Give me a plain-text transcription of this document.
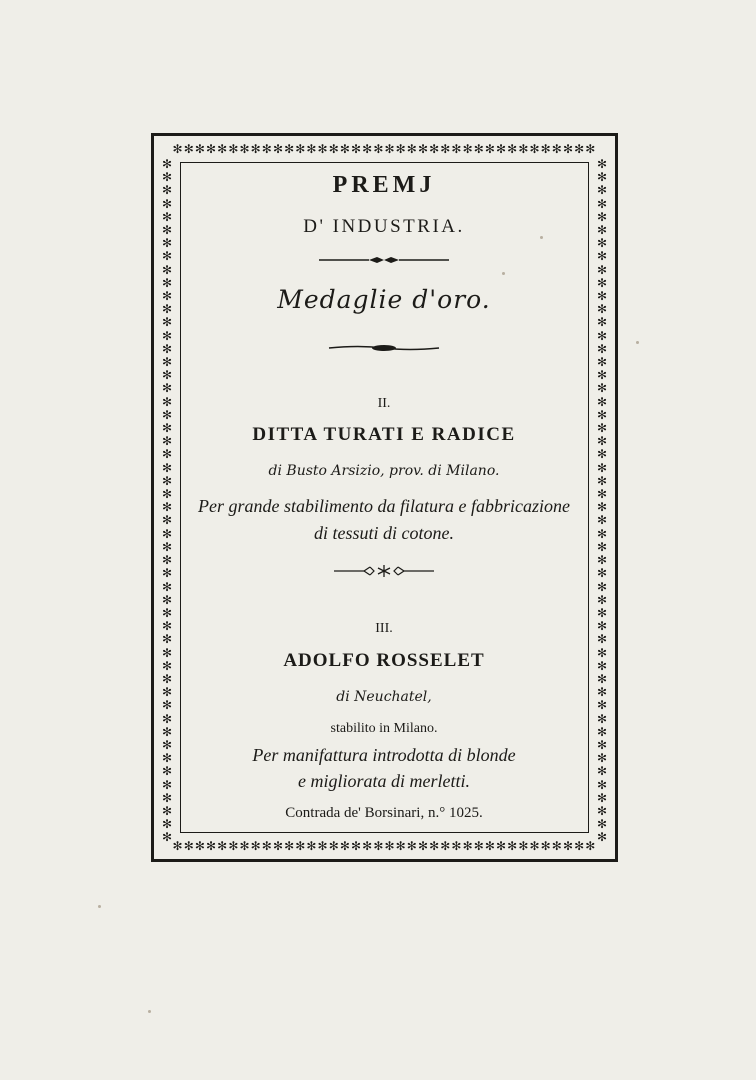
✻✻✻✻✻✻✻✻✻✻✻✻✻✻✻✻✻✻✻✻✻✻✻✻✻✻✻✻✻✻✻✻✻✻✻✻✻✻
✻✻✻✻✻✻✻✻✻✻✻✻✻✻✻✻✻✻✻✻✻✻✻✻✻✻✻✻✻✻✻✻✻✻✻✻✻✻
✻✻✻✻✻✻✻✻✻✻✻✻✻✻✻✻✻✻✻✻✻✻✻✻✻✻✻✻✻✻✻✻✻✻✻✻✻✻✻✻✻✻✻✻✻✻✻✻✻✻✻✻
✻✻✻✻✻✻✻✻✻✻✻✻✻✻✻✻✻✻✻✻✻✻✻✻✻✻✻✻✻✻✻✻✻✻✻✻✻✻✻✻✻✻✻✻✻✻✻✻✻✻✻✻
PREMJ
D' INDUSTRIA.
Medaglie d'oro.
II.
DITTA TURATI E RADICE
di Busto Arsizio, prov. di Milano.
Per grande stabilimento da filatura e fabbricazione
di tessuti di cotone.
III.
ADOLFO ROSSELET
di Neuchatel,
stabilito in Milano.
Per manifattura introdotta di blonde
e migliorata di merletti.
Contrada de' Borsinari, n.° 1025.
